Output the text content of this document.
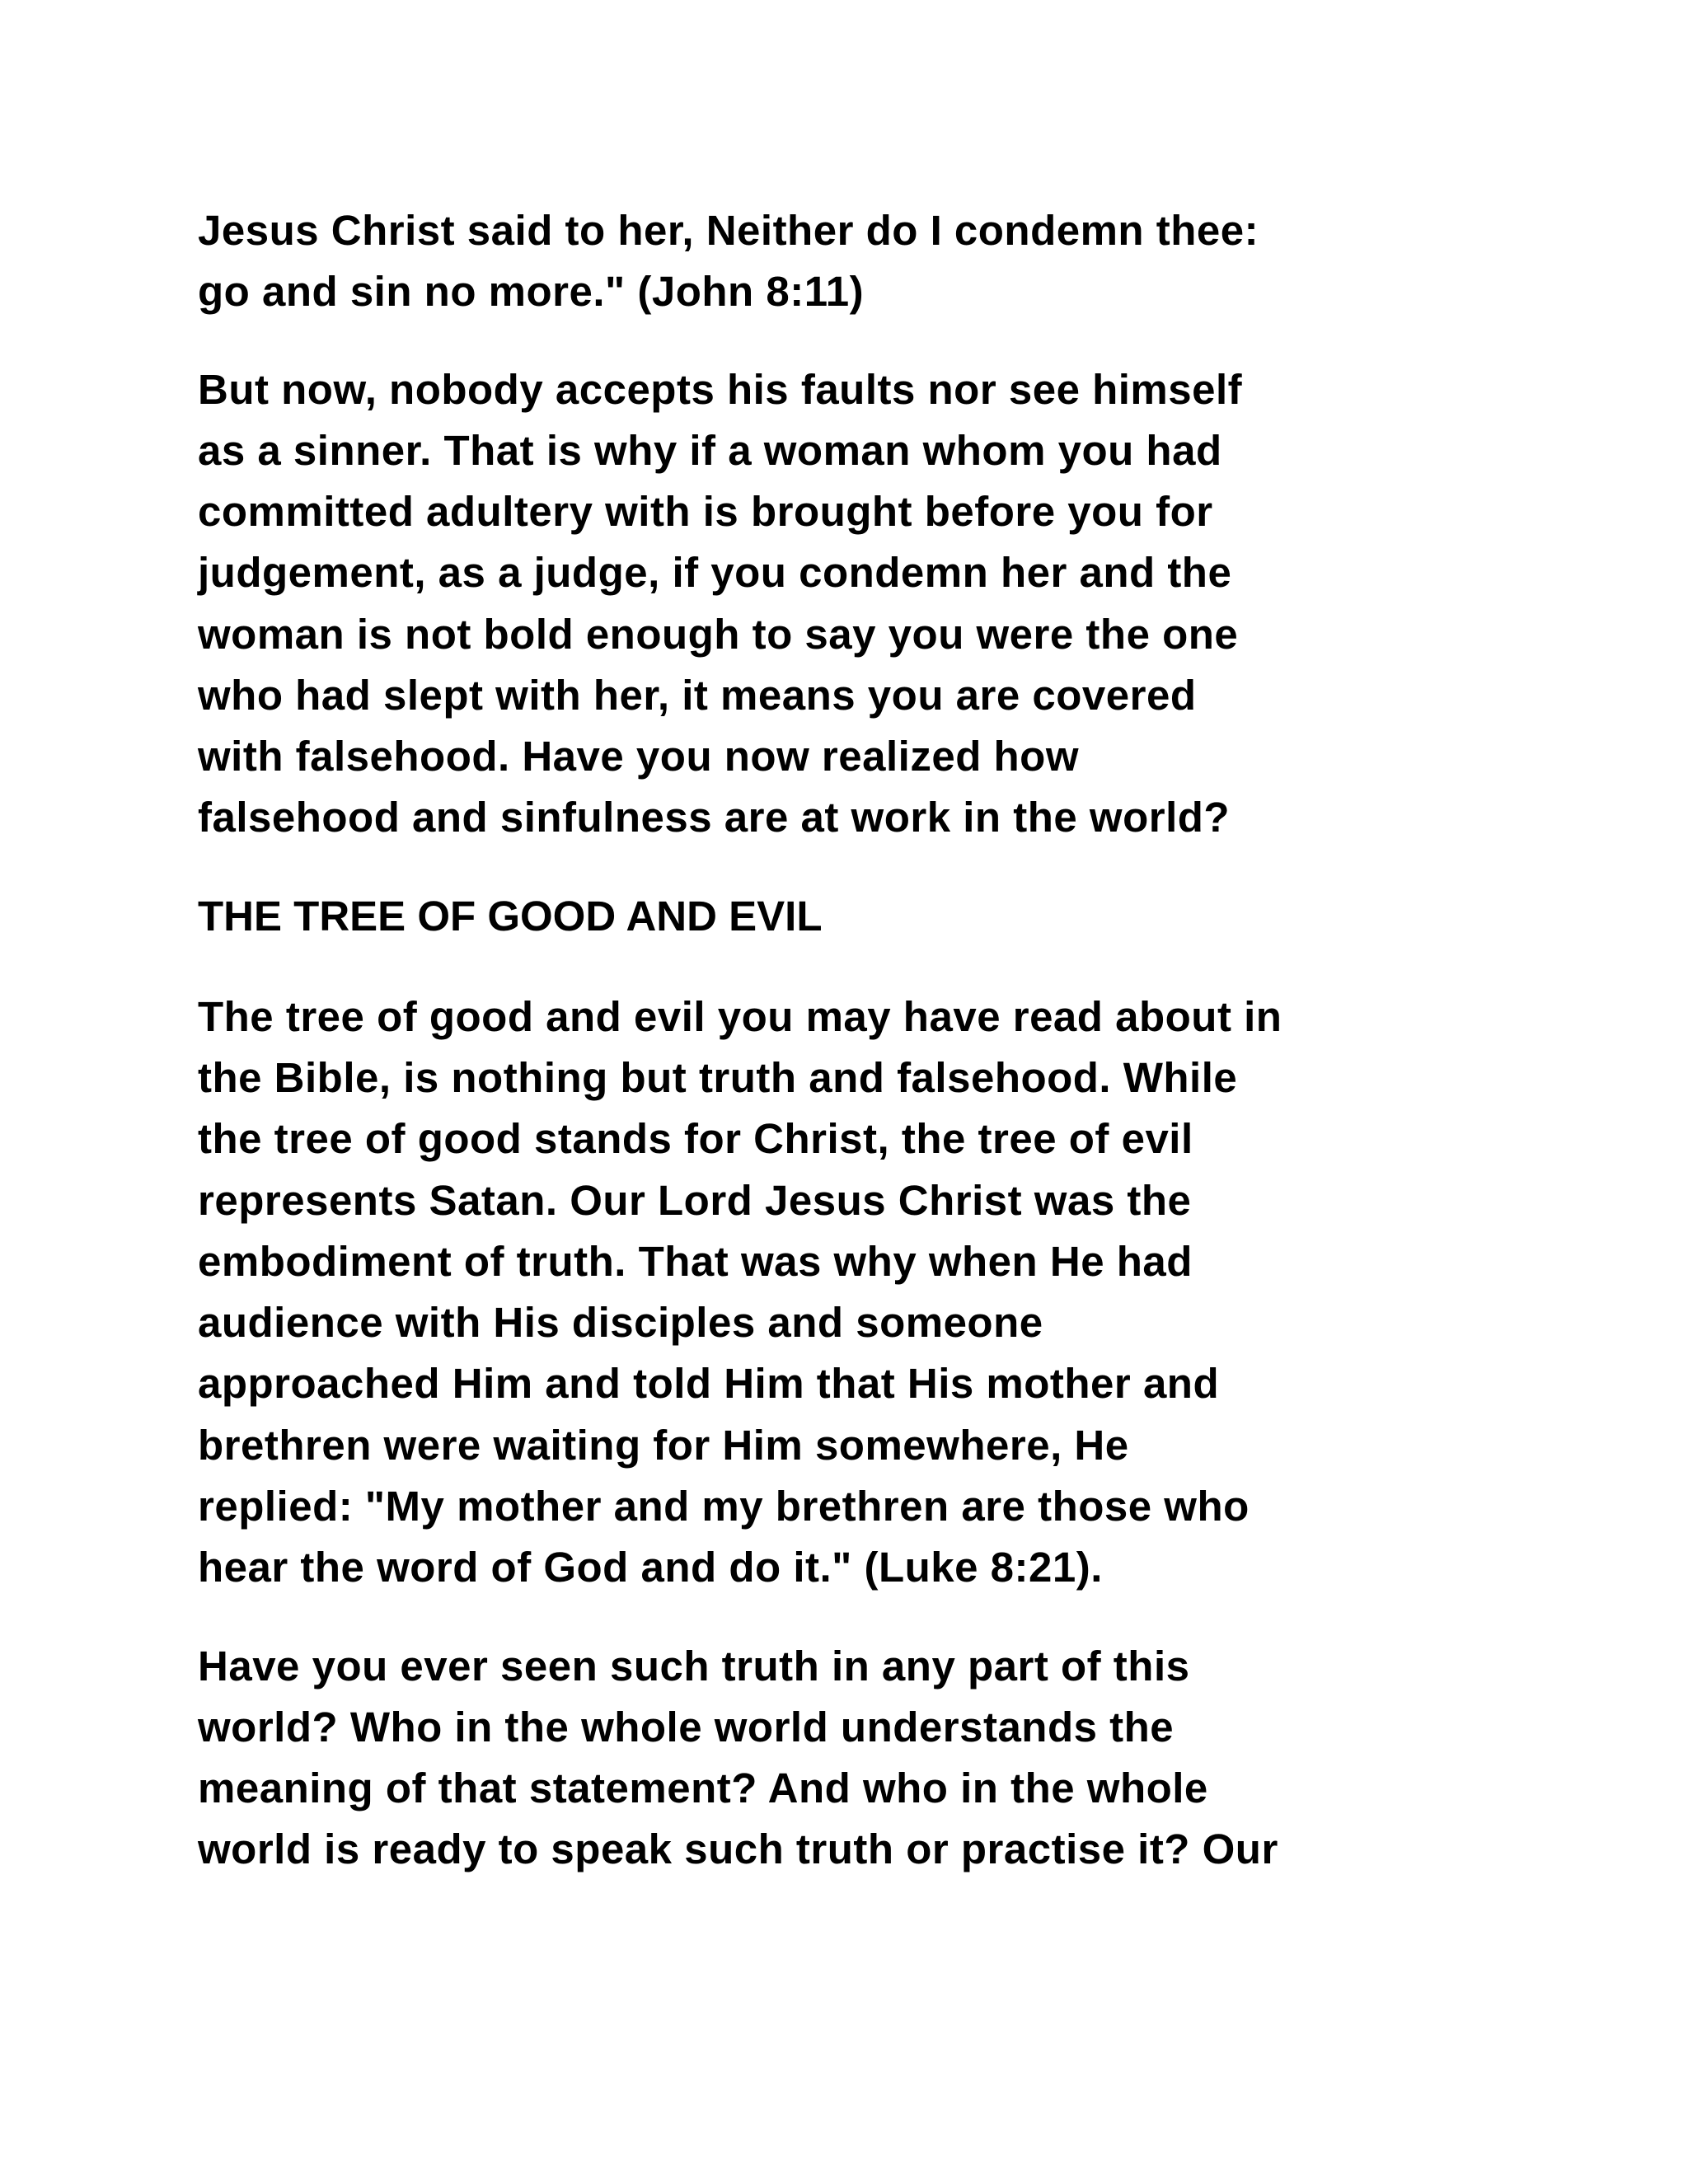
Jesus Christ said to her, Neither do I condemn thee:

go and sin no more." (John 8:11)

But now, nobody accepts his faults nor see himself

as a sinner. That is why if a woman whom you had

committed adultery with is brought before you for

judgement, as a judge, if you condemn her and the

woman is not bold enough to say you were the one

who had slept with her, it means you are covered

with falsehood. Have you now realized how

falsehood and sinfulness are at work in the world?

THE TREE OF GOOD AND EVIL

The tree of good and evil you may have read about in

the Bible, is nothing but truth and falsehood. While

the tree of good stands for Christ, the tree of evil

represents Satan. Our Lord Jesus Christ was the

embodiment of truth. That was why when He had

audience with His disciples and someone

approached Him and told Him that His mother and

brethren were waiting for Him somewhere, He

replied: "My mother and my brethren are those who

hear the word of God and do it." (Luke 8:21).

Have you ever seen such truth in any part of this

world? Who in the whole world understands the

meaning of that statement? And who in the whole

world is ready to speak such truth or practise it? Our
